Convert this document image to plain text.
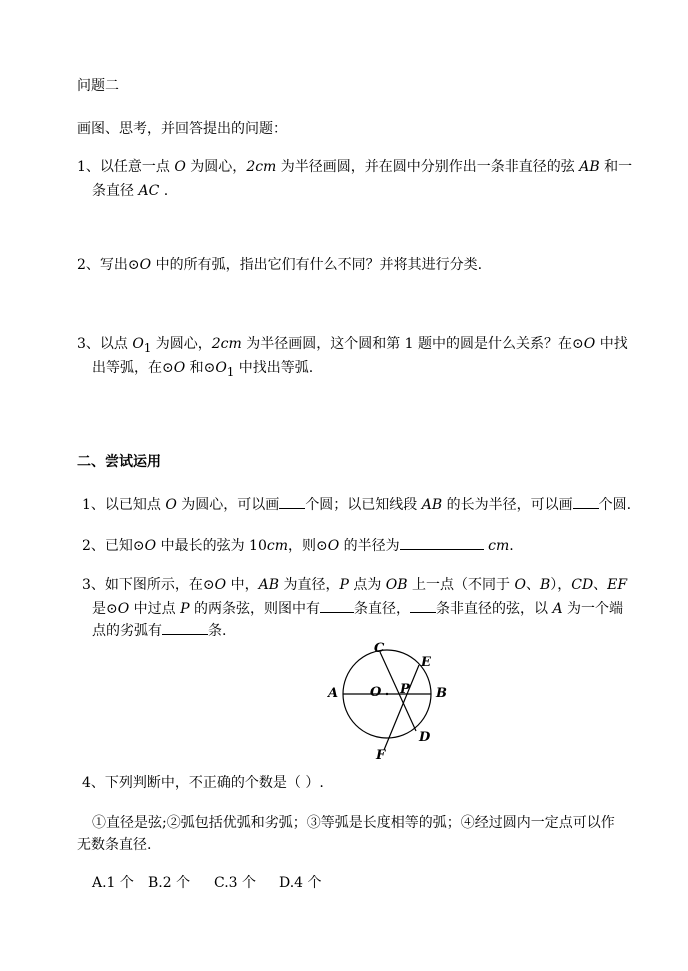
问题二
画图、思考，并回答提出的问题：
1、以任意一点 O 为圆心，2cm 为半径画圆，并在圆中分别作出一条非直径的弦 AB 和一
条直径 AC .
2、写出⊙O 中的所有弧，指出它们有什么不同？并将其进行分类.
3、以点 $O_1$ 为圆心，2cm 为半径画圆，这个圆和第 1 题中的圆是什么关系？在⊙O 中找
出等弧，在⊙O 和$⊙O_1$ 中找出等弧.
二、尝试运用
1、以已知点 O 为圆心，可以画 个圆；以已知线段 AB 的长为半径，可以画 个圆.
2、已知⊙O 中最长的弦为 10cm，则⊙O 的半径为	cm.
3、如下图所示，在⊙O 中，AB 为直径，P 点为 OB 上一点（不同于 O、B），CD、EF
是⊙O 中过点 P 的两条弦，则图中有 条直径， 条非直径的弦，以 A 为一个端
点的劣弧有	条.
A	B
C
D
E
F
O P
4、下列判断中，不正确的个数是（ ）.
①直径是弦;②弧包括优弧和劣弧；③等弧是长度相等的弧；④经过圆内一定点可以作
无数条直径.
A.1 个 B.2 个 C.3 个 D.4 个
